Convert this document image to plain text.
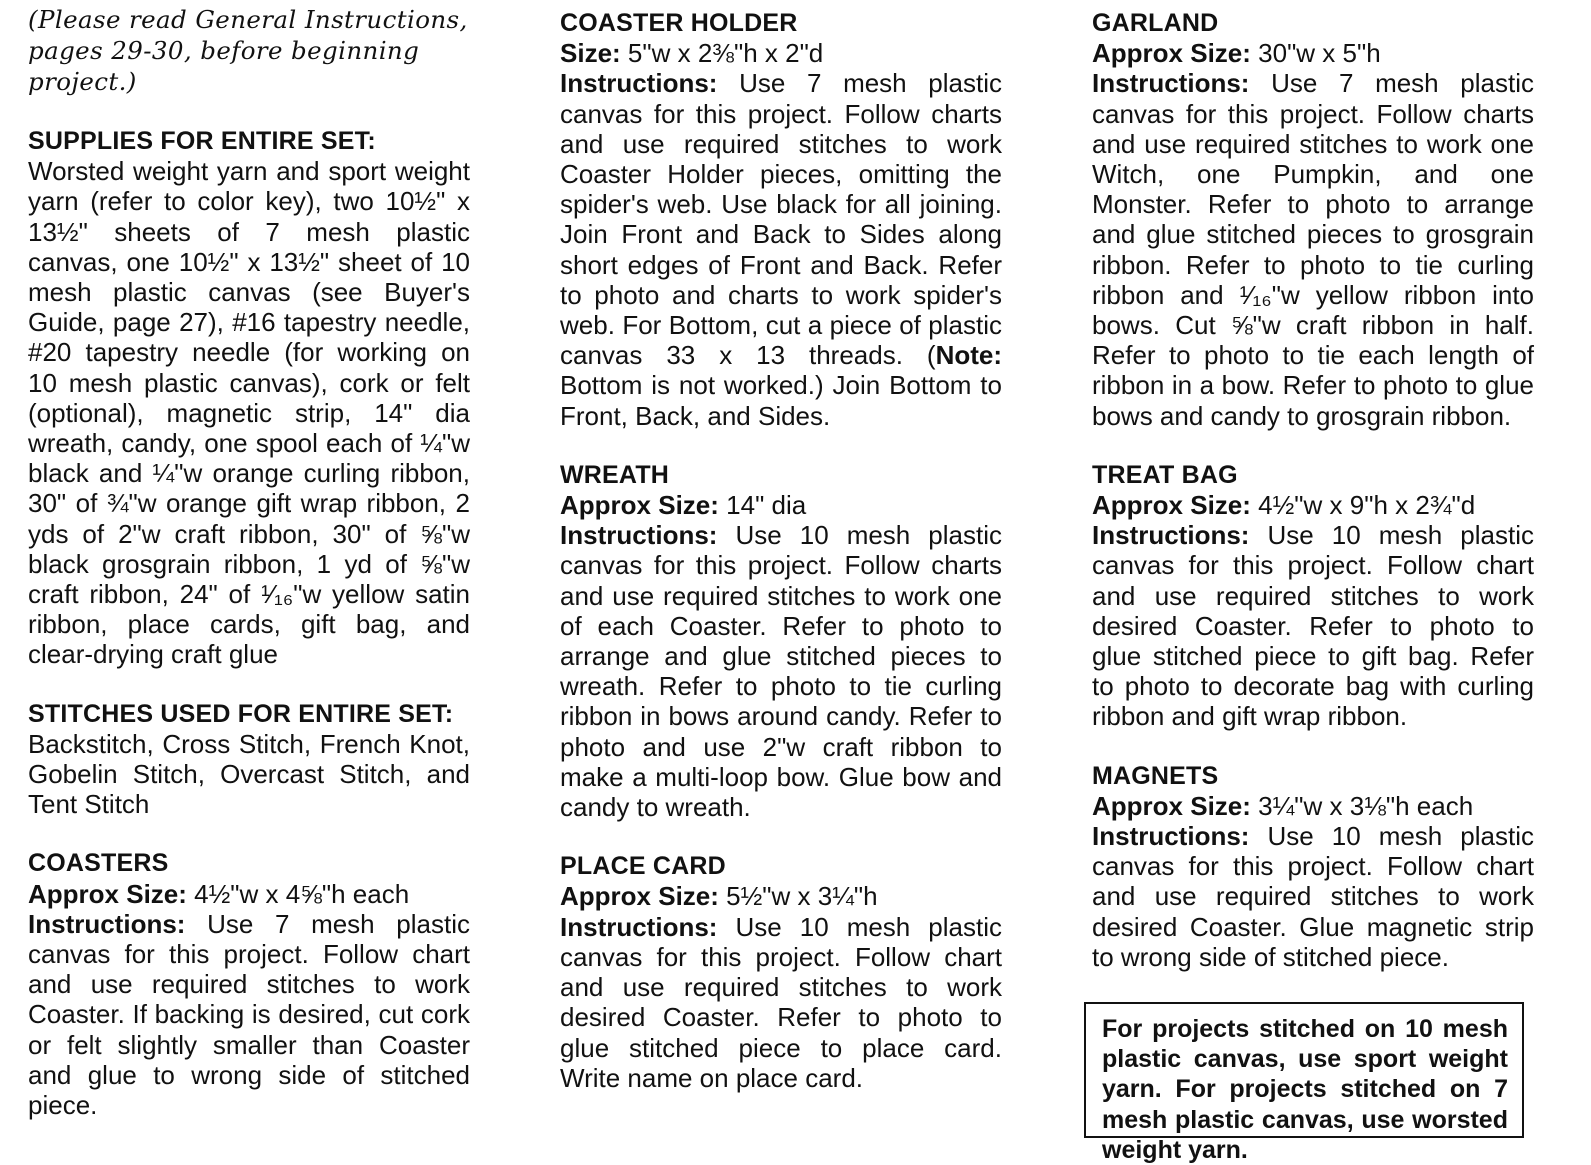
(Please read General Instructions, pages 29-30, before beginning project.)
SUPPLIES FOR ENTIRE SET:

Worsted weight yarn and sport weight yarn (refer to color key), two 10½" x 13½" sheets of 7 mesh plastic canvas, one 10½" x 13½" sheet of 10 mesh plastic canvas (see Buyer's Guide, page 27), #16 tapestry needle, #20 tapestry needle (for working on 10 mesh plastic canvas), cork or felt (optional), magnetic strip, 14" dia wreath, candy, one spool each of ¼"w black and ¼"w orange curling ribbon, 30" of ¾"w orange gift wrap ribbon, 2 yds of 2"w craft ribbon, 30" of ⅝"w black grosgrain ribbon, 1 yd of ⅝"w craft ribbon, 24" of ¹⁄₁₆"w yellow satin ribbon, place cards, gift bag, and clear-drying craft glue

STITCHES USED FOR ENTIRE SET:

Backstitch, Cross Stitch, French Knot, Gobelin Stitch, Overcast Stitch, and Tent Stitch

COASTERS

Approx Size: 4½"w x 4⅝"h each

Instructions: Use 7 mesh plastic canvas for this project. Follow chart and use required stitches to work Coaster. If backing is desired, cut cork or felt slightly smaller than Coaster and glue to wrong side of stitched piece.

COASTER HOLDER

Size: 5"w x 2⅜"h x 2"d

Instructions: Use 7 mesh plastic canvas for this project. Follow charts and use required stitches to work Coaster Holder pieces, omitting the spider's web. Use black for all joining. Join Front and Back to Sides along short edges of Front and Back. Refer to photo and charts to work spider's web. For Bottom, cut a piece of plastic canvas 33 x 13 threads. (Note: Bottom is not worked.) Join Bottom to Front, Back, and Sides.

WREATH

Approx Size: 14" dia

Instructions: Use 10 mesh plastic canvas for this project. Follow charts and use required stitches to work one of each Coaster. Refer to photo to arrange and glue stitched pieces to wreath. Refer to photo to tie curling ribbon in bows around candy. Refer to photo and use 2"w craft ribbon to make a multi-loop bow. Glue bow and candy to wreath.

PLACE CARD

Approx Size: 5½"w x 3¼"h

Instructions: Use 10 mesh plastic canvas for this project. Follow chart and use required stitches to work desired Coaster. Refer to photo to glue stitched piece to place card. Write name on place card.

GARLAND

Approx Size: 30"w x 5"h

Instructions: Use 7 mesh plastic canvas for this project. Follow charts and use required stitches to work one Witch, one Pumpkin, and one Monster. Refer to photo to arrange and glue stitched pieces to grosgrain ribbon. Refer to photo to tie curling ribbon and ¹⁄₁₆"w yellow ribbon into bows. Cut ⅝"w craft ribbon in half. Refer to photo to tie each length of ribbon in a bow. Refer to photo to glue bows and candy to grosgrain ribbon.

TREAT BAG

Approx Size: 4½"w x 9"h x 2¾"d

Instructions: Use 10 mesh plastic canvas for this project. Follow chart and use required stitches to work desired Coaster. Refer to photo to glue stitched piece to gift bag. Refer to photo to decorate bag with curling ribbon and gift wrap ribbon.

MAGNETS

Approx Size: 3¼"w x 3⅛"h each

Instructions: Use 10 mesh plastic canvas for this project. Follow chart and use required stitches to work desired Coaster. Glue magnetic strip to wrong side of stitched piece.

For projects stitched on 10 mesh plastic canvas, use sport weight yarn. For projects stitched on 7 mesh plastic canvas, use worsted weight yarn.
